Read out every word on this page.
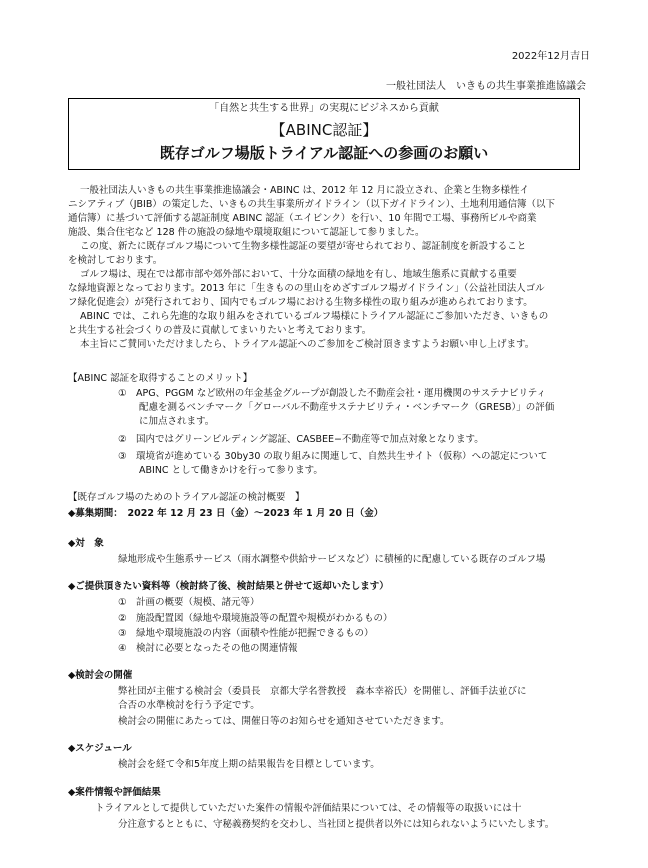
2022年12月吉日
一般社団法人　いきもの共生事業推進協議会
「自然と共生する世界」の実現にビジネスから貢献
【ABINC認証】
既存ゴルフ場版トライアル認証への参画のお願い
一般社団法人いきもの共生事業推進協議会・ABINC は、2012 年 12 月に設立され、企業と生物多様性イ
ニシアティブ（JBIB）の策定した、いきもの共生事業所ガイドライン（以下ガイドライン）、土地利用通信簿（以下
通信簿）に基づいて評価する認証制度 ABINC 認証（エイビンク）を行い、10 年間で工場、事務所ビルや商業
施設、集合住宅など 128 件の施設の緑地や環境取組について認証して参りました。
この度、新たに既存ゴルフ場について生物多様性認証の要望が寄せられており、認証制度を新設すること
を検討しております。
ゴルフ場は、現在では都市部や郊外部において、十分な面積の緑地を有し、地域生態系に貢献する重要
な緑地資源となっております。2013 年に「生きものの里山をめざすゴルフ場ガイドライン」（公益社団法人ゴル
フ緑化促進会）が発行されており、国内でもゴルフ場における生物多様性の取り組みが進められております。
ABINC では、これら先進的な取り組みをされているゴルフ場様にトライアル認証にご参加いただき、いきもの
と共生する社会づくりの普及に貢献してまいりたいと考えております。
本主旨にご賛同いただけましたら、トライアル認証へのご参加をご検討頂きますようお願い申し上げます。
【ABINC 認証を取得することのメリット】
①　APG、PGGM など欧州の年金基金グループが創設した不動産会社・運用機関のサステナビリティ
配慮を測るベンチマーク「グローバル不動産サステナビリティ・ベンチマーク（GRESB）」の評価
に加点されます。
②　国内ではグリーンビルディング認証、CASBEE−不動産等で加点対象となります。
③　環境省が進めている 30by30 の取り組みに関連して、自然共生サイト（仮称）への認定について
ABINC として働きかけを行って参ります。
【既存ゴルフ場のためのトライアル認証の検討概要　】
◆募集期間：　2022 年 12 月 23 日（金）〜2023 年 1 月 20 日（金）
◆対　象
緑地形成や生態系サービス（雨水調整や供給サービスなど）に積極的に配慮している既存のゴルフ場
◆ご提供頂きたい資料等（検討終了後、検討結果と併せて返却いたします）
①　計画の概要（規模、諸元等）
②　施設配置図（緑地や環境施設等の配置や規模がわかるもの）
③　緑地や環境施設の内容（面積や性能が把握できるもの）
④　検討に必要となったその他の関連情報
◆検討会の開催
弊社団が主催する検討会（委員長　京都大学名誉教授　森本幸裕氏）を開催し、評価手法並びに
合否の水準検討を行う予定です。
検討会の開催にあたっては、開催日等のお知らせを通知させていただきます。
◆スケジュール
検討会を経て令和5年度上期の結果報告を目標としています。
◆案件情報や評価結果
トライアルとして提供していただいた案件の情報や評価結果については、その情報等の取扱いには十
分注意するとともに、守秘義務契約を交わし、当社団と提供者以外には知られないようにいたします。
